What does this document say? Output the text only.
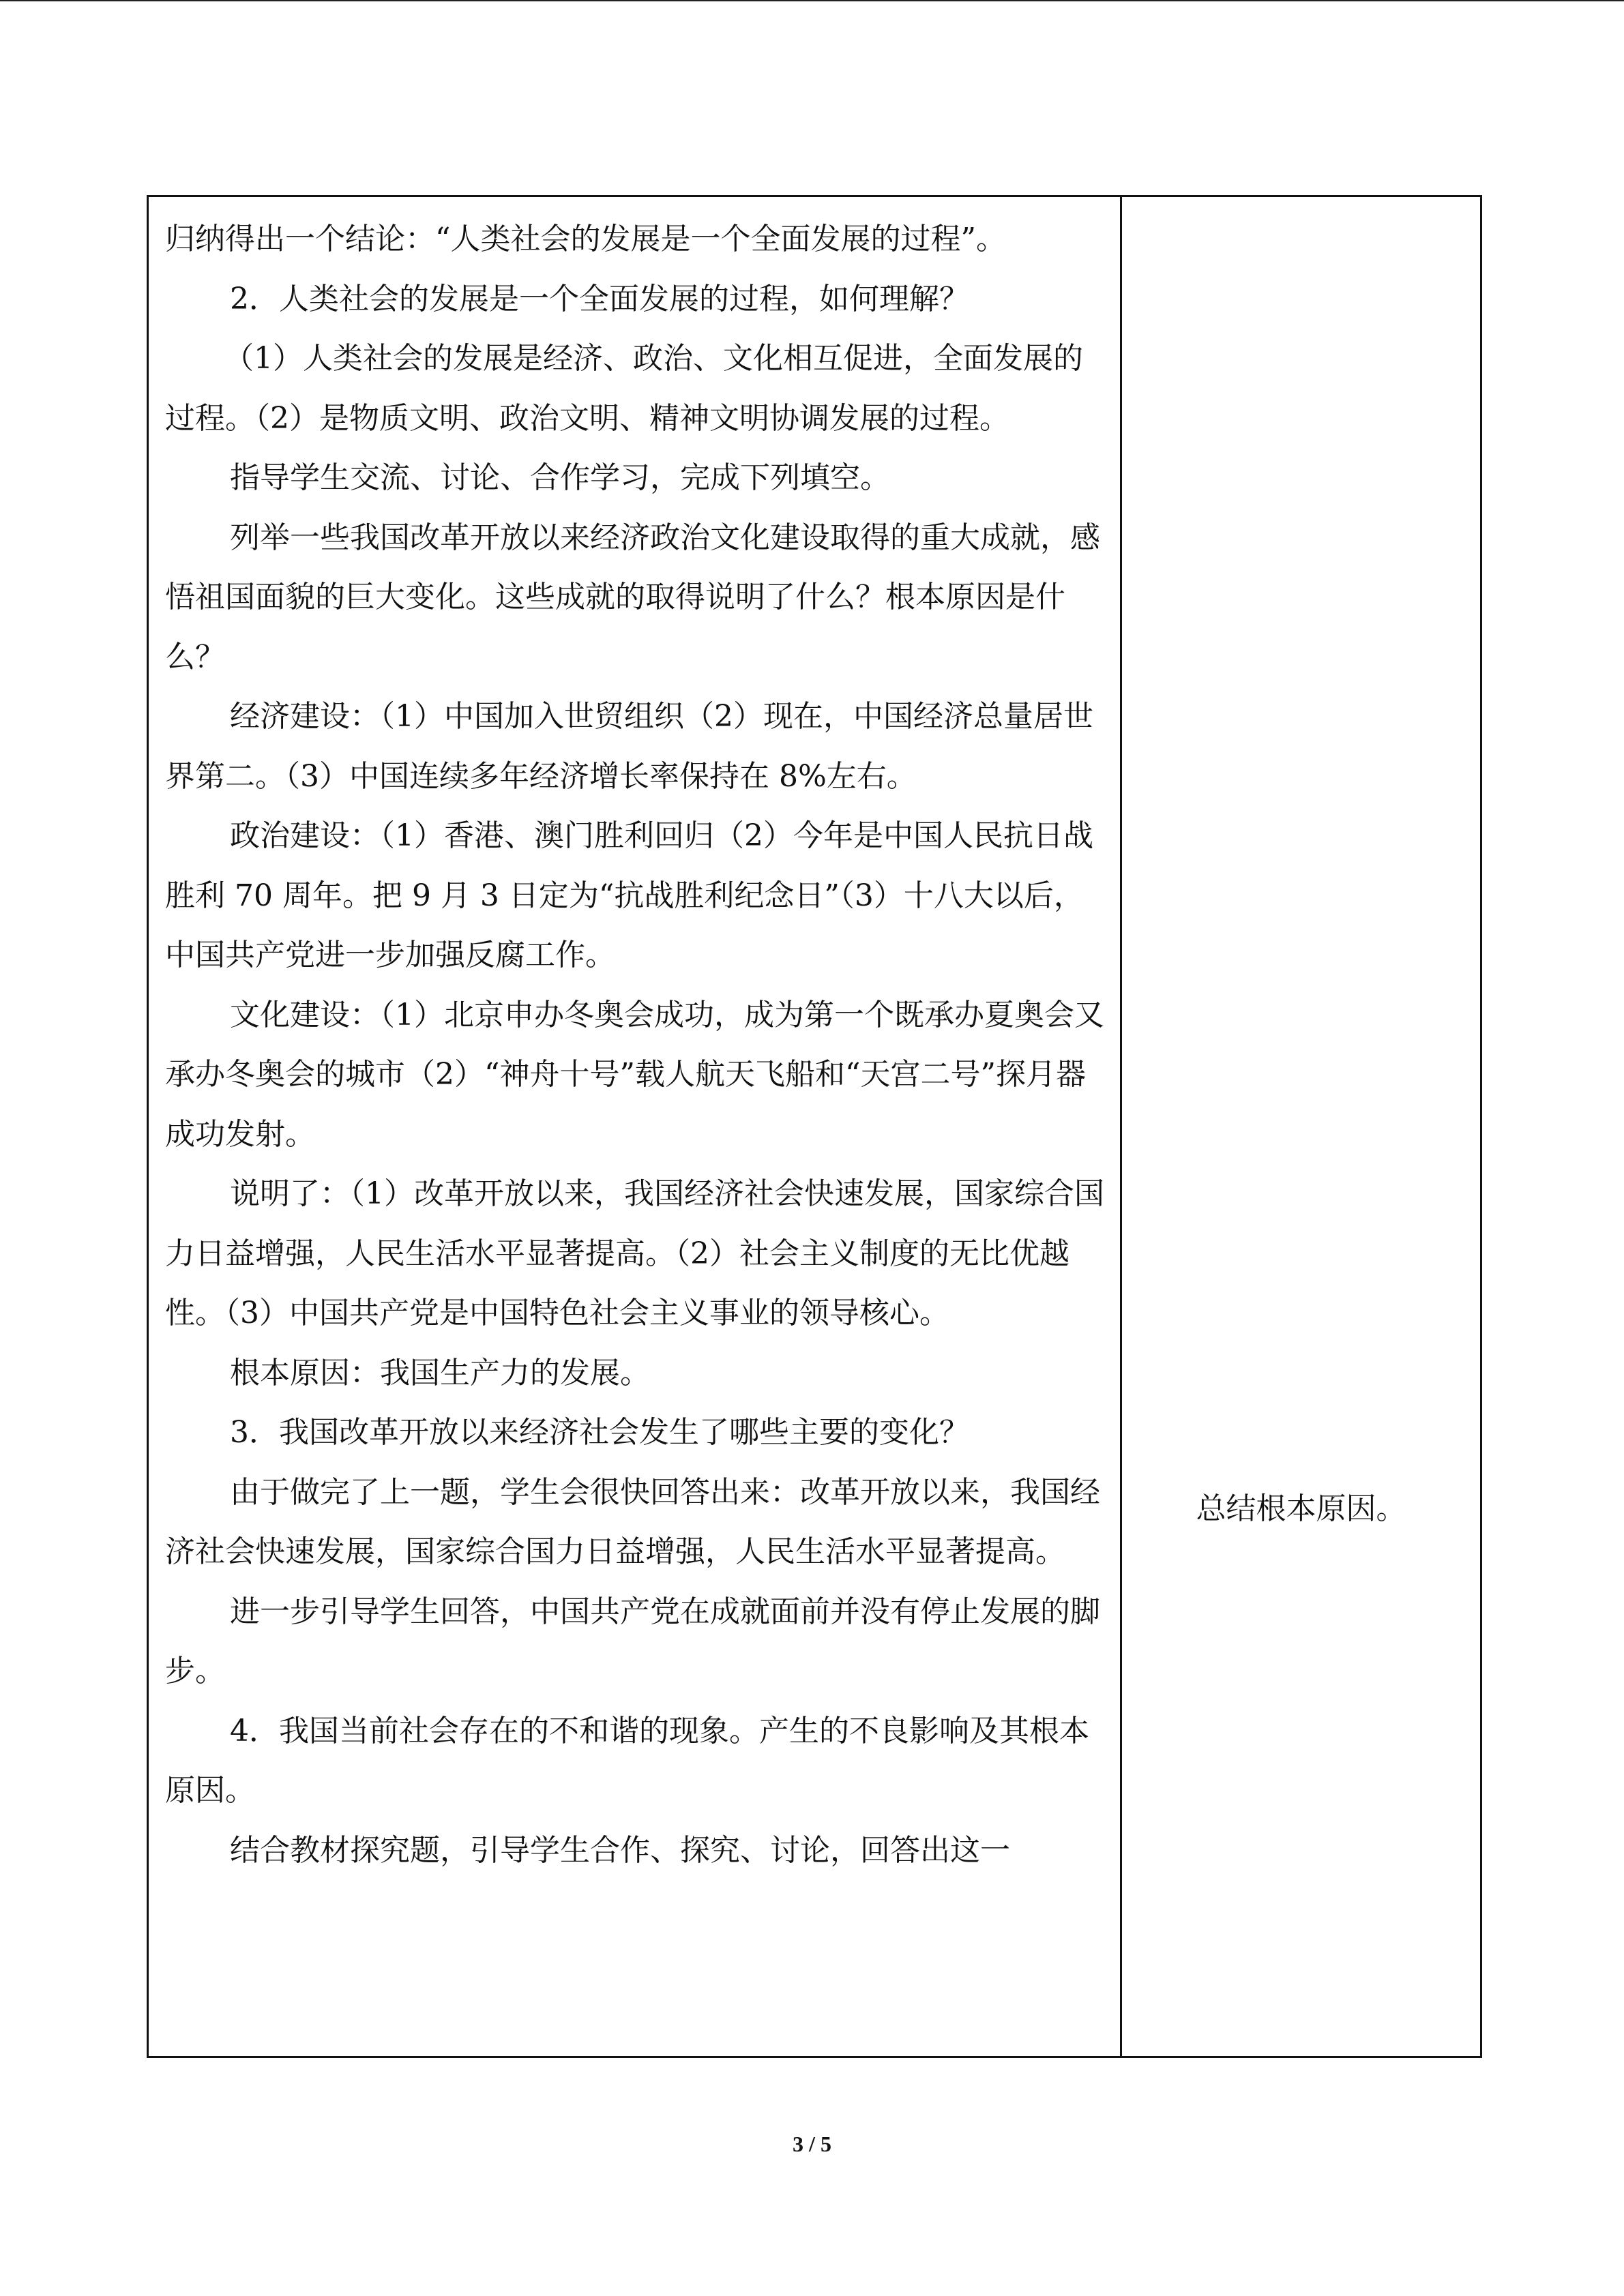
归纳得出一个结论：“人类社会的发展是一个全面发展的过程”。

2．人类社会的发展是一个全面发展的过程，如何理解？

（1）人类社会的发展是经济、政治、文化相互促进，全面发展的过程。（2）是物质文明、政治文明、精神文明协调发展的过程。

指导学生交流、讨论、合作学习，完成下列填空。

列举一些我国改革开放以来经济政治文化建设取得的重大成就，感悟祖国面貌的巨大变化。这些成就的取得说明了什么？根本原因是什么？

经济建设：（1）中国加入世贸组织（2）现在，中国经济总量居世界第二。（3）中国连续多年经济增长率保持在 8%左右。

政治建设：（1）香港、澳门胜利回归（2）今年是中国人民抗日战胜利 70 周年。把 9 月 3 日定为“抗战胜利纪念日”（3）十八大以后，中国共产党进一步加强反腐工作。

文化建设：（1）北京申办冬奥会成功，成为第一个既承办夏奥会又承办冬奥会的城市（2）“神舟十号”载人航天飞船和“天宫二号”探月器成功发射。

说明了：（1）改革开放以来，我国经济社会快速发展，国家综合国力日益增强，人民生活水平显著提高。（2）社会主义制度的无比优越性。（3）中国共产党是中国特色社会主义事业的领导核心。

根本原因：我国生产力的发展。

3．我国改革开放以来经济社会发生了哪些主要的变化？

由于做完了上一题，学生会很快回答出来：改革开放以来，我国经济社会快速发展，国家综合国力日益增强，人民生活水平显著提高。

进一步引导学生回答，中国共产党在成就面前并没有停止发展的脚步。

4．我国当前社会存在的不和谐的现象。产生的不良影响及其根本原因。

结合教材探究题，引导学生合作、探究、讨论，回答出这一

总结根本原因。
3 / 5
